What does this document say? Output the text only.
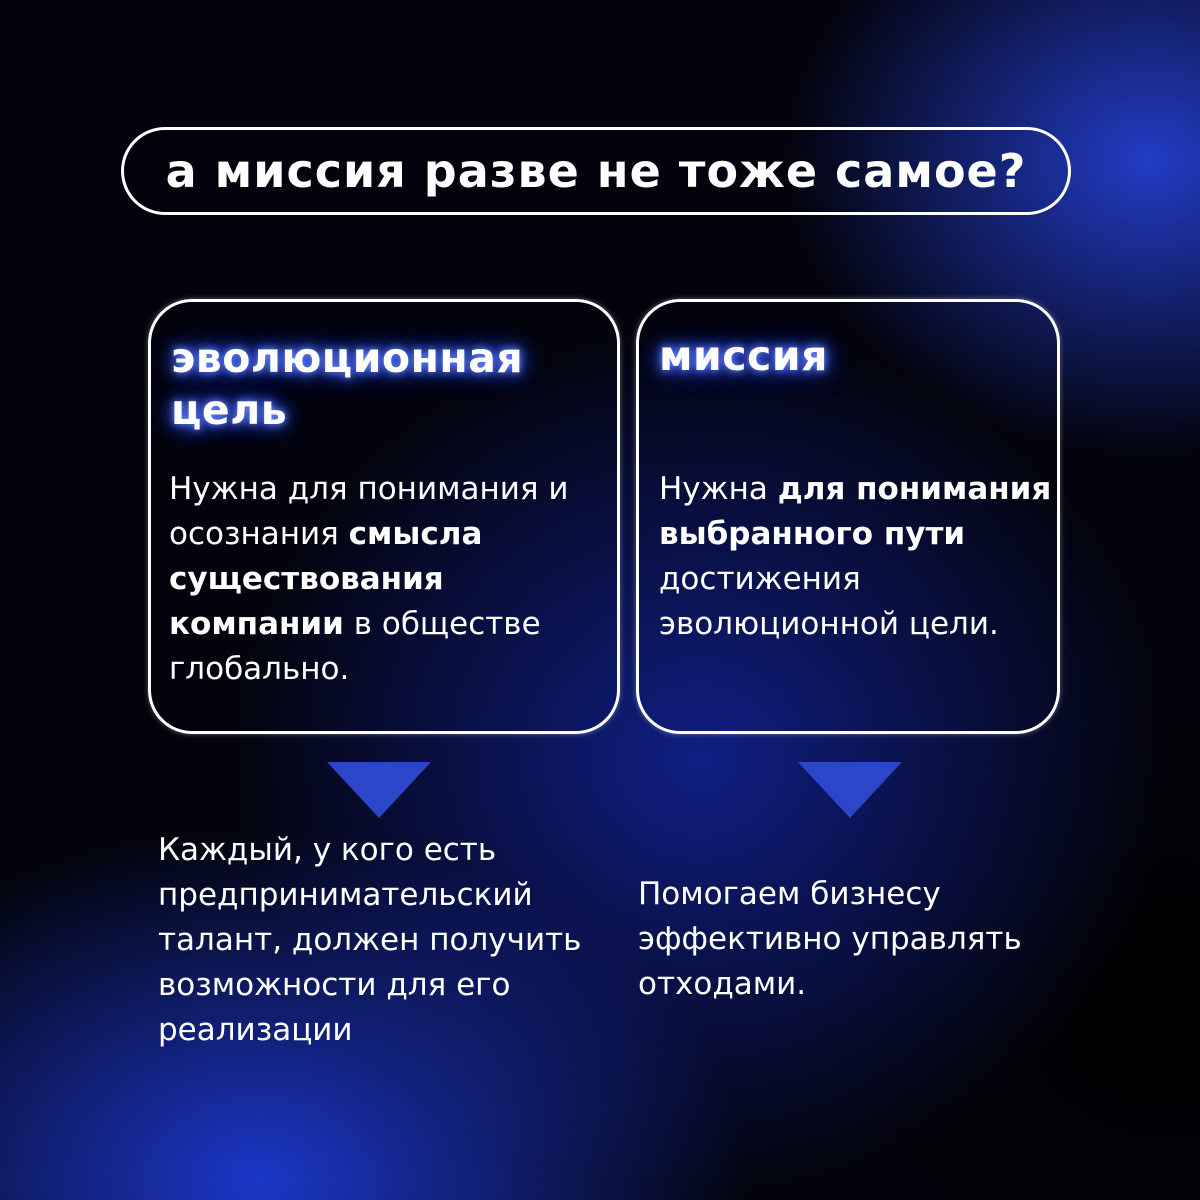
а миссия разве не тоже самое?
эволюционная цель
Нужна для понимания и осознания смысла существования компании в обществе глобально.
миссия
Нужна для понимания выбранного пути достижения эволюционной цели.
Каждый, у кого есть предпринимательский талант, должен получить возможности для его реализации
Помогаем бизнесу эффективно управлять отходами.
